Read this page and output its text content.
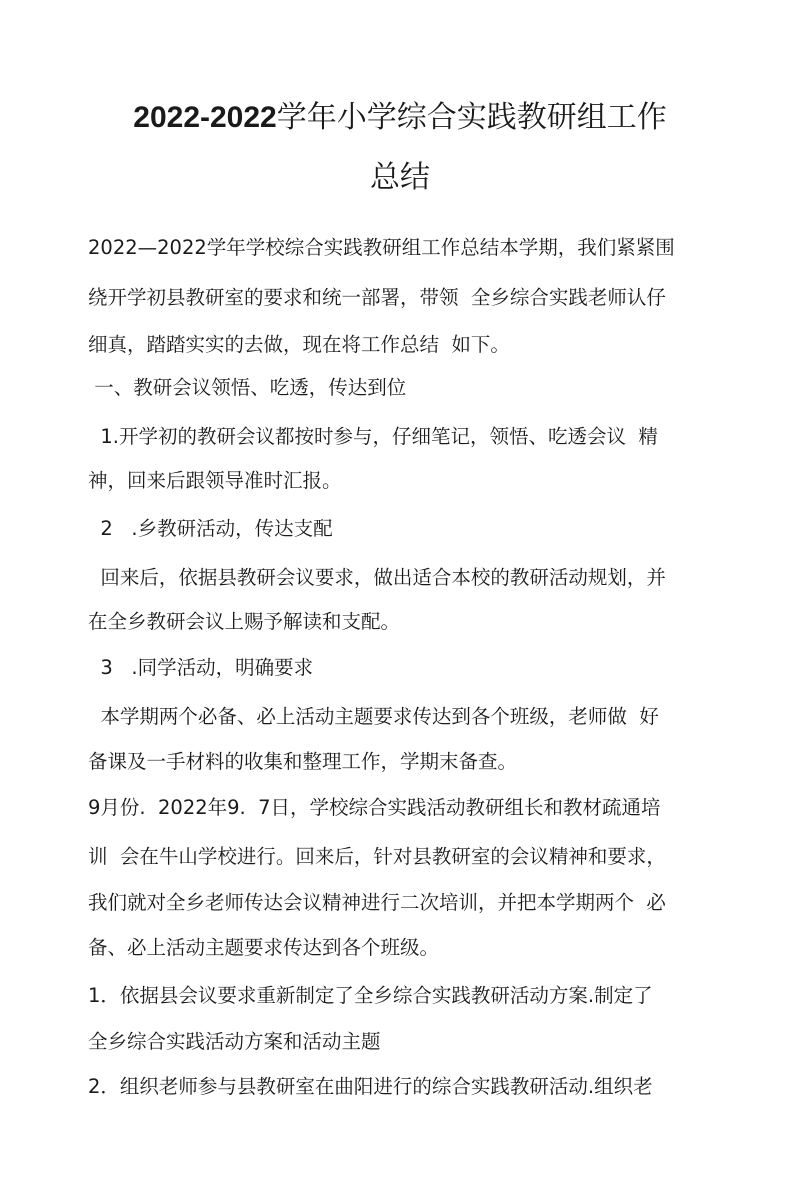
2022-2022学年小学综合实践教研组工作
总结
2022—2022学年学校综合实践教研组工作总结本学期，我们紧紧围
绕开学初县教研室的要求和统一部署，带领  全乡综合实践老师认仔
细真，踏踏实实的去做，现在将工作总结  如下。
一、教研会议领悟、吃透，传达到位
1.开学初的教研会议都按时参与，仔细笔记，领悟、吃透会议  精
神，回来后跟领导准时汇报。
2   .乡教研活动，传达支配
回来后，依据县教研会议要求，做出适合本校的教研活动规划，并
在全乡教研会议上赐予解读和支配。
3   .同学活动，明确要求
本学期两个必备、必上活动主题要求传达到各个班级，老师做  好
备课及一手材料的收集和整理工作，学期末备查。
9月份.  2022年9.  7日，学校综合实践活动教研组长和教材疏通培
训  会在牛山学校进行。回来后，针对县教研室的会议精神和要求，
我们就对全乡老师传达会议精神进行二次培训，并把本学期两个  必
备、必上活动主题要求传达到各个班级。
1．依据县会议要求重新制定了全乡综合实践教研活动方案.制定了
全乡综合实践活动方案和活动主题
2．组织老师参与县教研室在曲阳进行的综合实践教研活动.组织老
